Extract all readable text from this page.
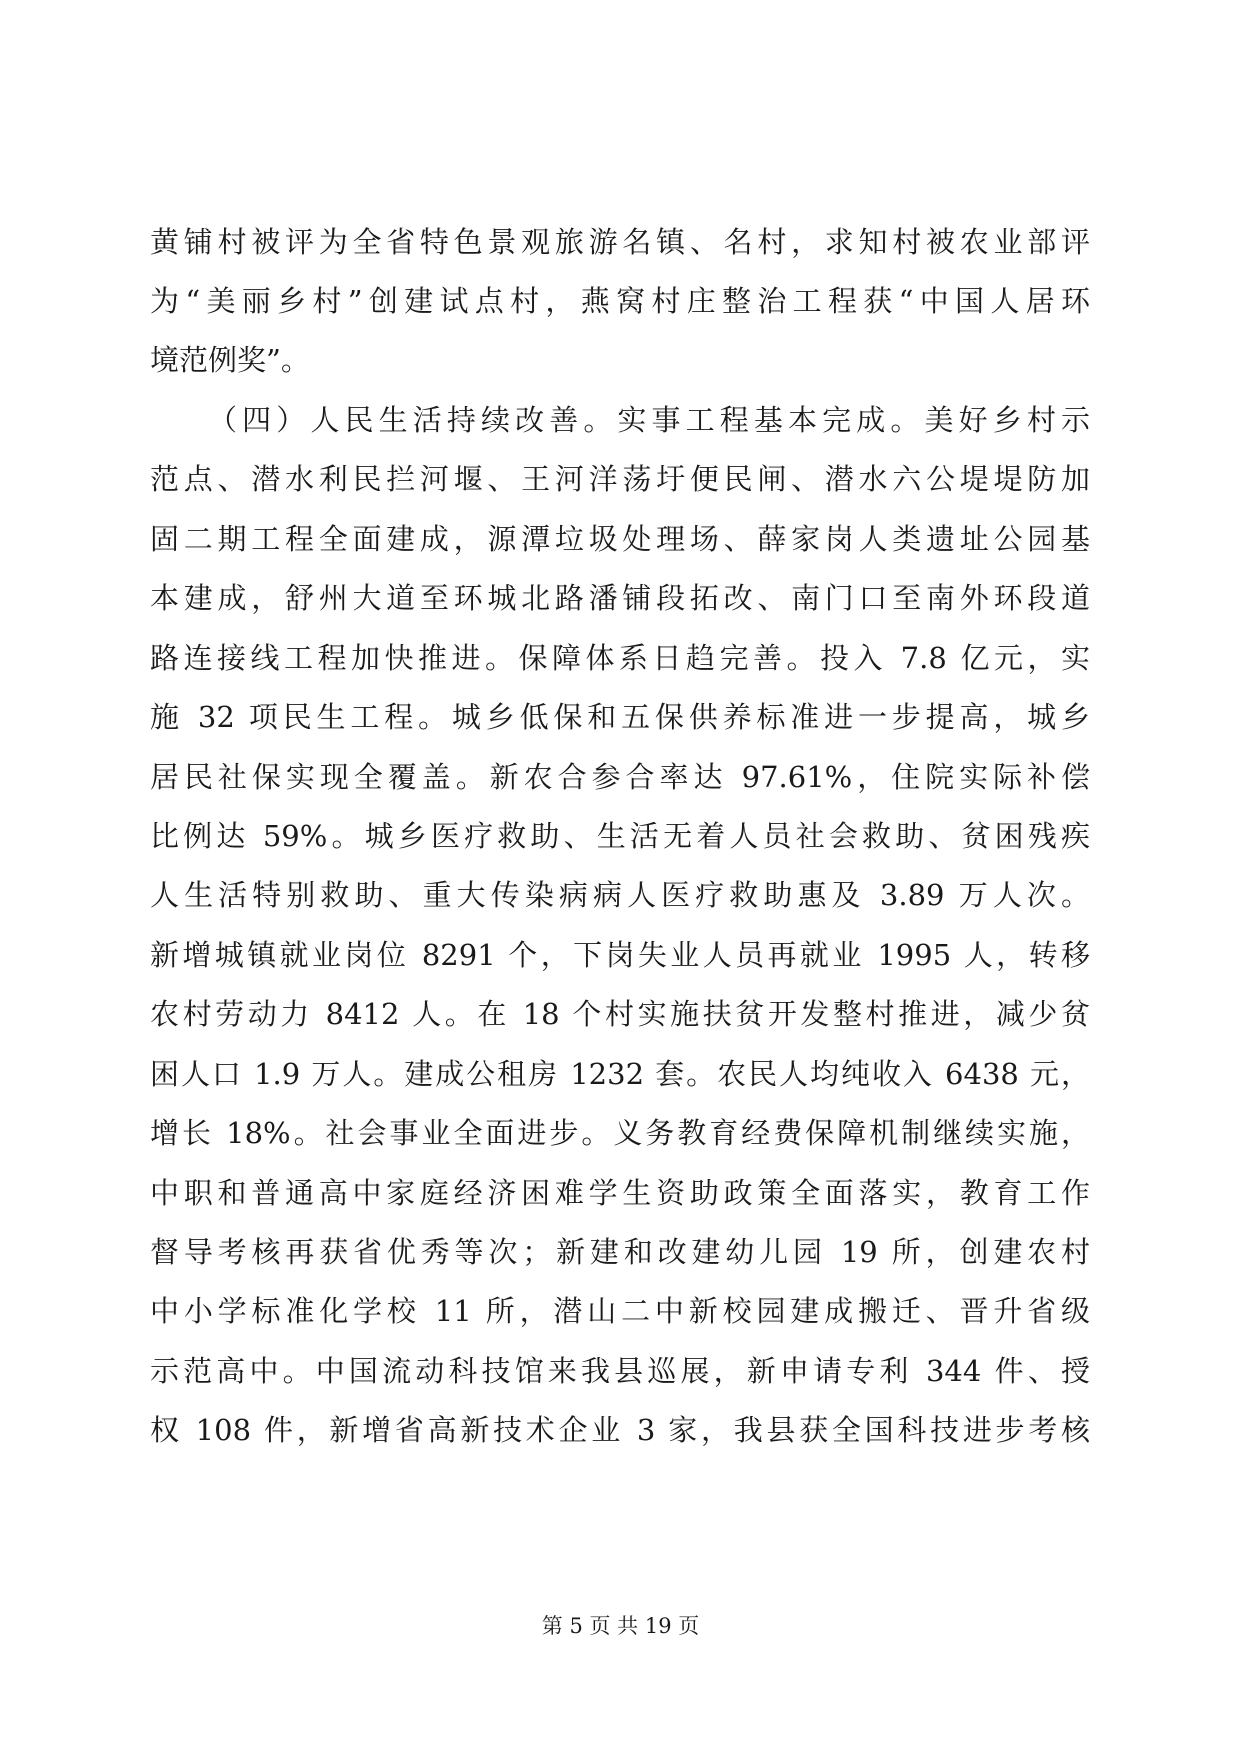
黄铺村被评为全省特色景观旅游名镇、名村，求知村被农业部评
为“美丽乡村”创建试点村，燕窝村庄整治工程获“中国人居环
境范例奖”。
（四）人民生活持续改善。实事工程基本完成。美好乡村示
范点、潜水利民拦河堰、王河洋荡圩便民闸、潜水六公堤堤防加
固二期工程全面建成，源潭垃圾处理场、薛家岗人类遗址公园基
本建成，舒州大道至环城北路潘铺段拓改、南门口至南外环段道
路连接线工程加快推进。保障体系日趋完善。投入 7.8 亿元，实
施 32 项民生工程。城乡低保和五保供养标准进一步提高，城乡
居民社保实现全覆盖。新农合参合率达 97.61%，住院实际补偿
比例达 59%。城乡医疗救助、生活无着人员社会救助、贫困残疾
人生活特别救助、重大传染病病人医疗救助惠及 3.89 万人次。
新增城镇就业岗位 8291 个，下岗失业人员再就业 1995 人，转移
农村劳动力 8412 人。在 18 个村实施扶贫开发整村推进，减少贫
困人口 1.9 万人。建成公租房 1232 套。农民人均纯收入 6438 元，
增长 18%。社会事业全面进步。义务教育经费保障机制继续实施，
中职和普通高中家庭经济困难学生资助政策全面落实，教育工作
督导考核再获省优秀等次；新建和改建幼儿园 19 所，创建农村
中小学标准化学校 11 所，潜山二中新校园建成搬迁、晋升省级
示范高中。中国流动科技馆来我县巡展，新申请专利 344 件、授
权 108 件，新增省高新技术企业 3 家，我县获全国科技进步考核
第 5 页 共 19 页
